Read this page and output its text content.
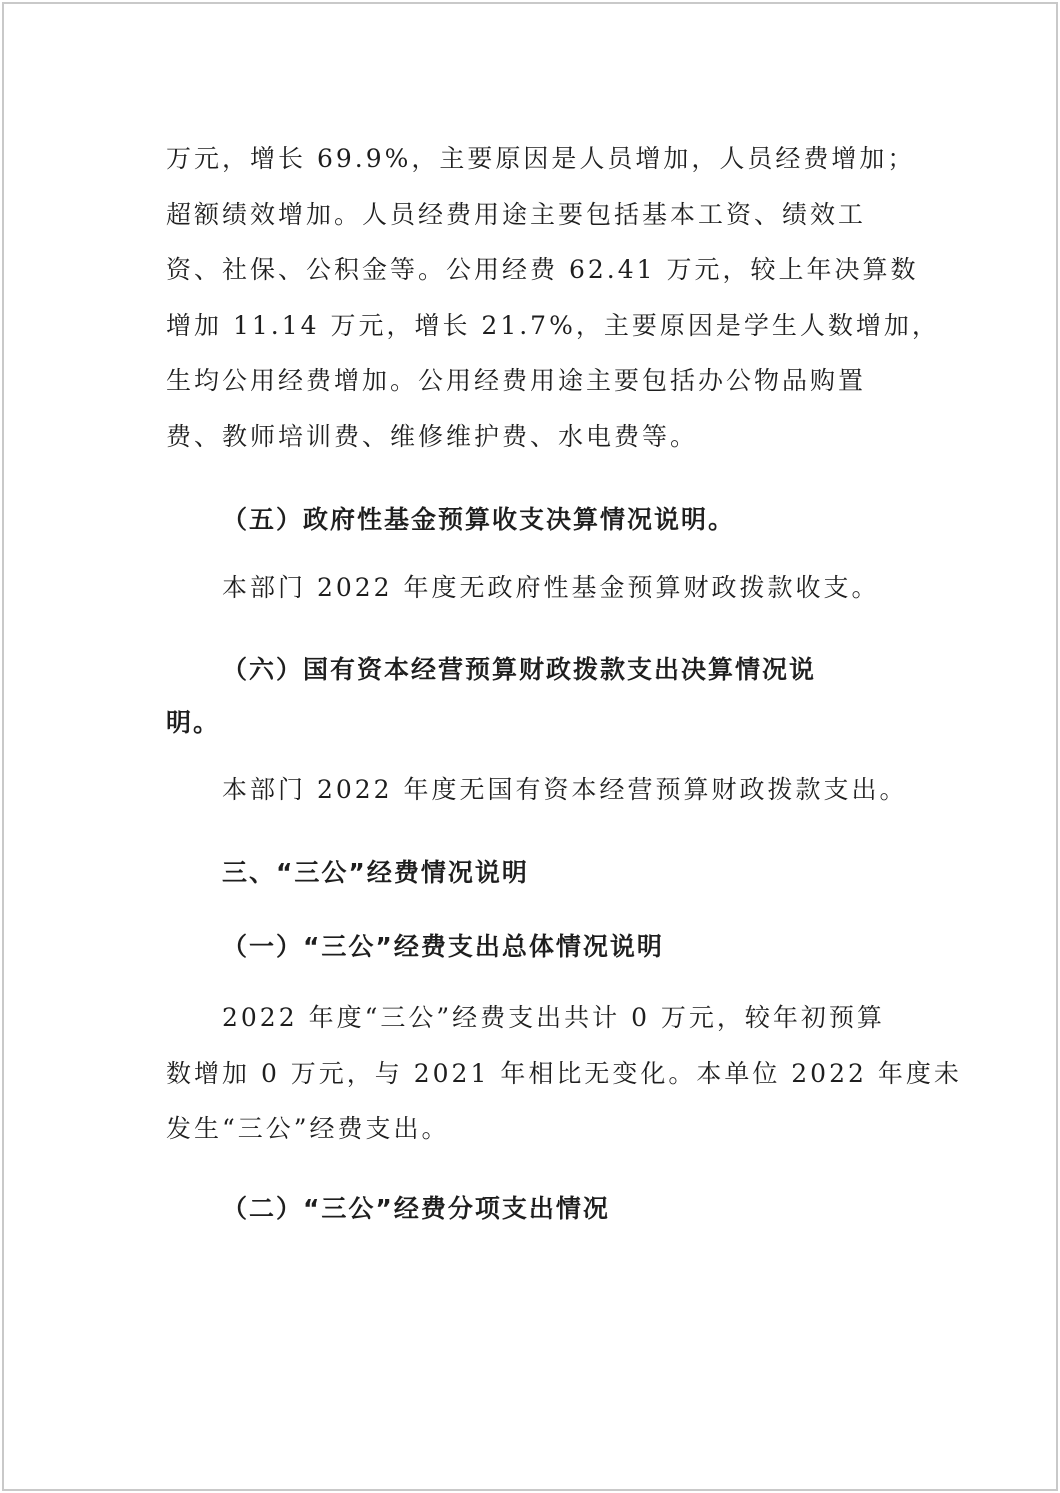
万元，增长 69.9%，主要原因是人员增加，人员经费增加；
超额绩效增加。人员经费用途主要包括基本工资、绩效工
资、社保、公积金等。公用经费 62.41 万元，较上年决算数
增加 11.14 万元，增长 21.7%，主要原因是学生人数增加，
生均公用经费增加。公用经费用途主要包括办公物品购置
费、教师培训费、维修维护费、水电费等。
（五）政府性基金预算收支决算情况说明。
本部门 2022 年度无政府性基金预算财政拨款收支。
（六）国有资本经营预算财政拨款支出决算情况说
明。
本部门 2022 年度无国有资本经营预算财政拨款支出。
三、“三公”经费情况说明
（一）“三公”经费支出总体情况说明
2022 年度“三公”经费支出共计 0 万元，较年初预算
数增加 0 万元，与 2021 年相比无变化。本单位 2022 年度未
发生“三公”经费支出。
（二）“三公”经费分项支出情况
